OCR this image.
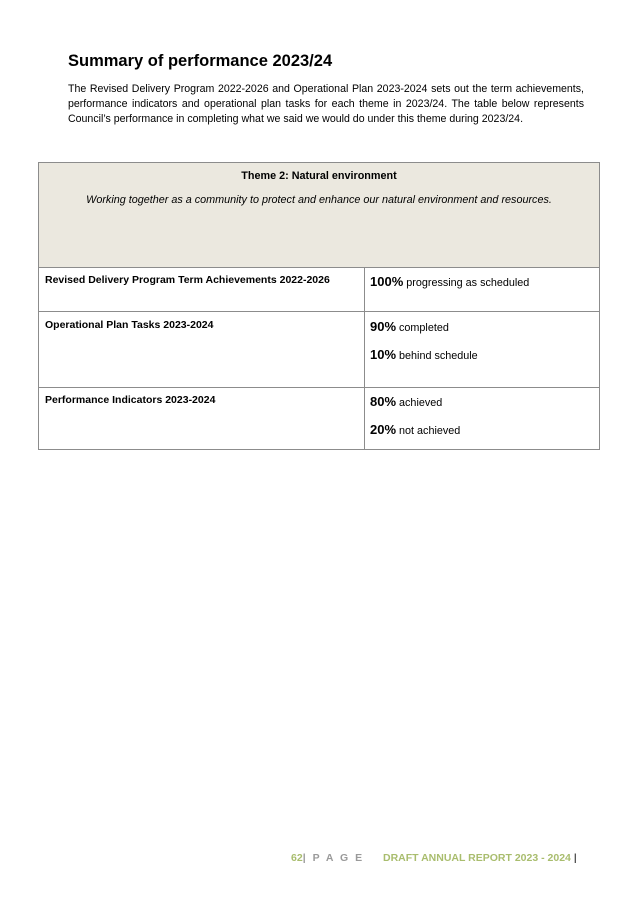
Summary of performance 2023/24

The Revised Delivery Program 2022-2026 and Operational Plan 2023-2024 sets out the term achievements, performance indicators and operational plan tasks for each theme in 2023/24. The table below represents Council’s performance in completing what we said we would do under this theme during 2023/24.

Theme 2: Natural environment
Working together as a community to protect and enhance our natural environment and resources.
Revised Delivery Program Term Achievements 2022-2026	100% progressing as scheduled
Operational Plan Tasks 2023-2024	90% completed
10% behind schedule
Performance Indicators 2023-2024	80% achieved
20% not achieved
62| P A G E DRAFT ANNUAL REPORT 2023 - 2024 |
